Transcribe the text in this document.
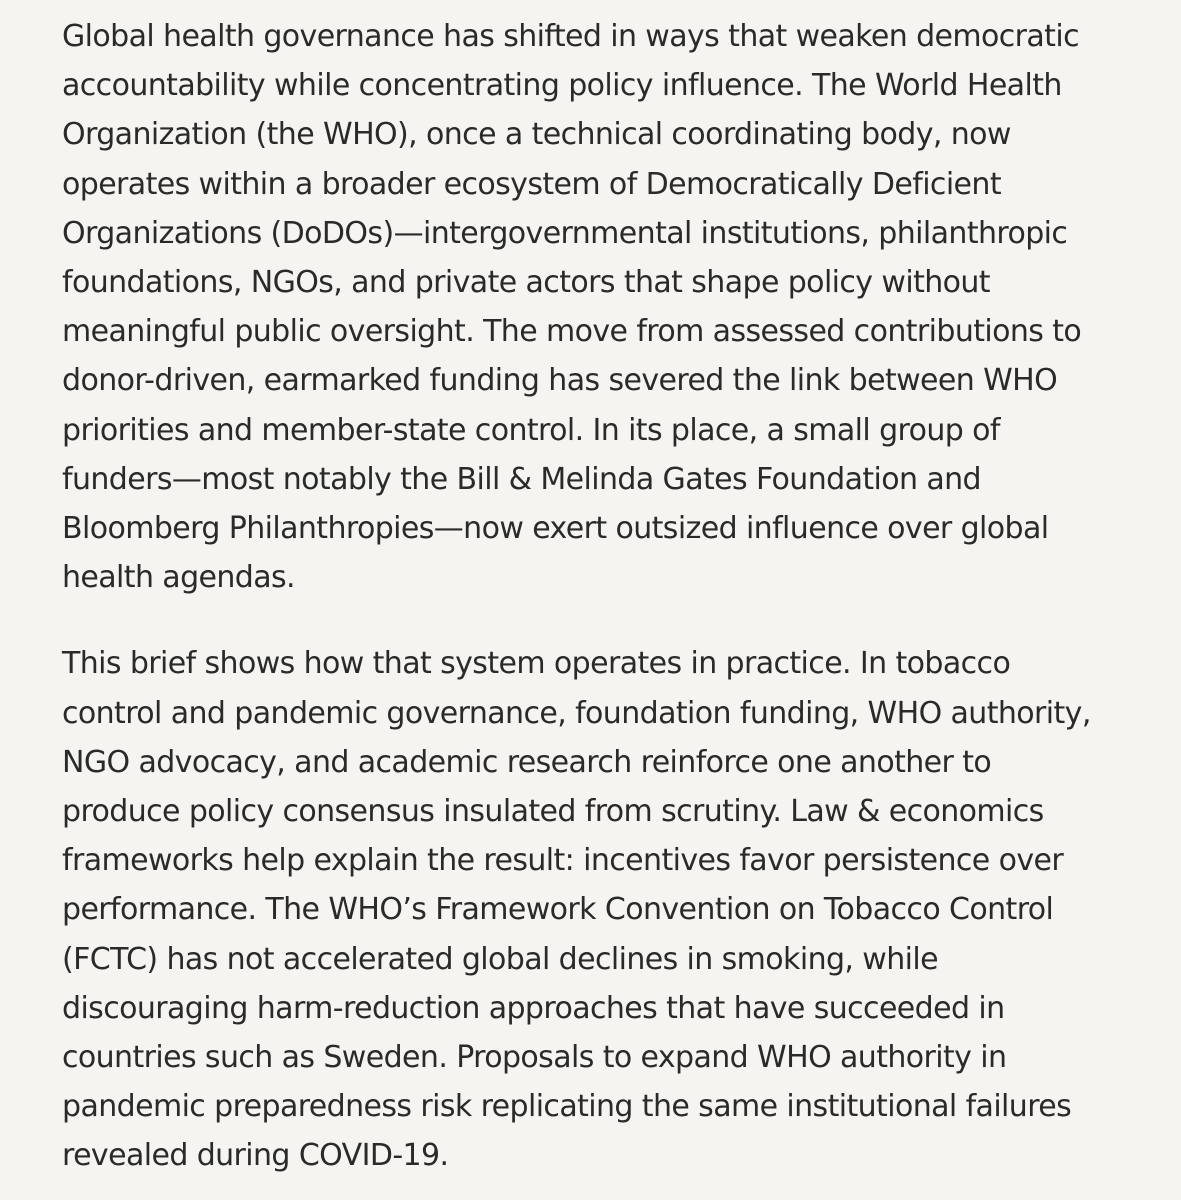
Global health governance has shifted in ways that weaken democratic
accountability while concentrating policy influence. The World Health
Organization (the WHO), once a technical coordinating body, now
operates within a broader ecosystem of Democratically Deficient
Organizations (DoDOs)—intergovernmental institutions, philanthropic
foundations, NGOs, and private actors that shape policy without
meaningful public oversight. The move from assessed contributions to
donor-driven, earmarked funding has severed the link between WHO
priorities and member-state control. In its place, a small group of
funders—most notably the Bill & Melinda Gates Foundation and
Bloomberg Philanthropies—now exert outsized influence over global
health agendas.

This brief shows how that system operates in practice. In tobacco
control and pandemic governance, foundation funding, WHO authority,
NGO advocacy, and academic research reinforce one another to
produce policy consensus insulated from scrutiny. Law & economics
frameworks help explain the result: incentives favor persistence over
performance. The WHO’s Framework Convention on Tobacco Control
(FCTC) has not accelerated global declines in smoking, while
discouraging harm-reduction approaches that have succeeded in
countries such as Sweden. Proposals to expand WHO authority in
pandemic preparedness risk replicating the same institutional failures
revealed during COVID-19.
